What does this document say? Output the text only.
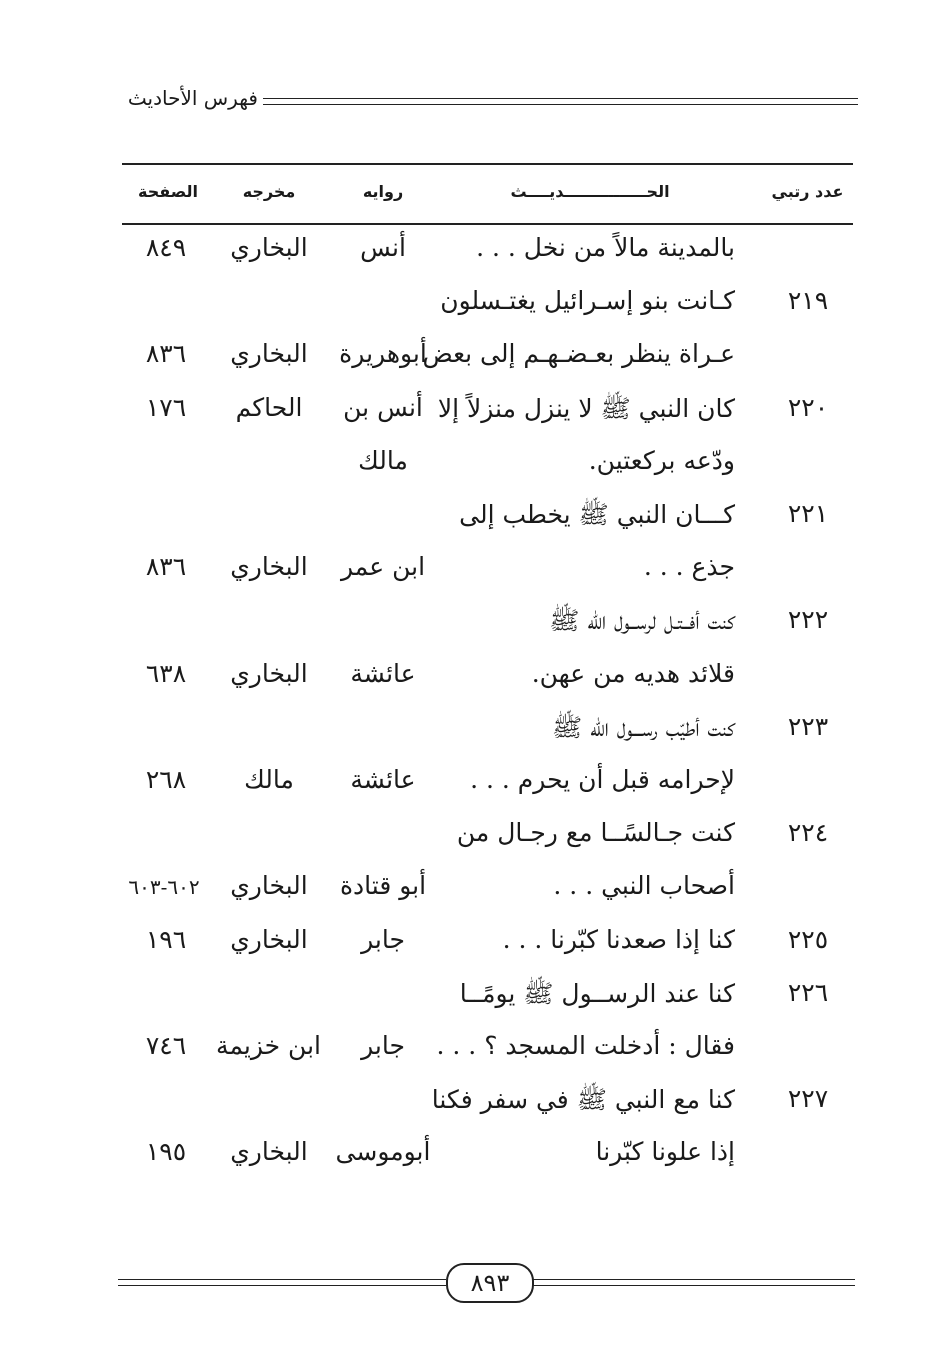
فهرس الأحاديث
عدد رتبي
الحـــــــــــــــديــــث
روايه
مخرجه
الصفحة
بالمدينة مالاً من نخل . . .
أنس
البخاري
٨٤٩
٢١٩
كـانت بنو إسـرائيل يغتـسلون
عـراة ينظر بعـضـهـم إلى بعض
أبوهريرة
البخاري
٨٣٦
٢٢٠
كان النبي ﷺ لا ينزل منزلاً إلا
أنس بن
الحاكم
١٧٦
ودّعه بركعتين.
مالك
٢٢١
كـــان النبي ﷺ يخطب إلى
جذع . . .
ابن عمر
البخاري
٨٣٦
٢٢٢
كنت أفــتـل لرســول الله ﷺ
قلائد هديه من عهن.
عائشة
البخاري
٦٣٨
٢٢٣
كنت أطيّب رســـول الله ﷺ
لإحرامه قبل أن يحرم . . .
عائشة
مالك
٢٦٨
٢٢٤
كنت جـالسًــا مع رجـال من
أصحاب النبي . . .
أبو قتادة
البخاري
٦٠٢-٦٠٣
٢٢٥
كنا إذا صعدنا كبّرنا . . .
جابر
البخاري
١٩٦
٢٢٦
كنا عند الرســول ﷺ يومًــا
فقال : أدخلت المسجد ؟ . . .
جابر
ابن خزيمة
٧٤٦
٢٢٧
كنا مع النبي ﷺ في سفر فكنا
إذا علونا كبّرنا
أبوموسى
البخاري
١٩٥
٨٩٣
